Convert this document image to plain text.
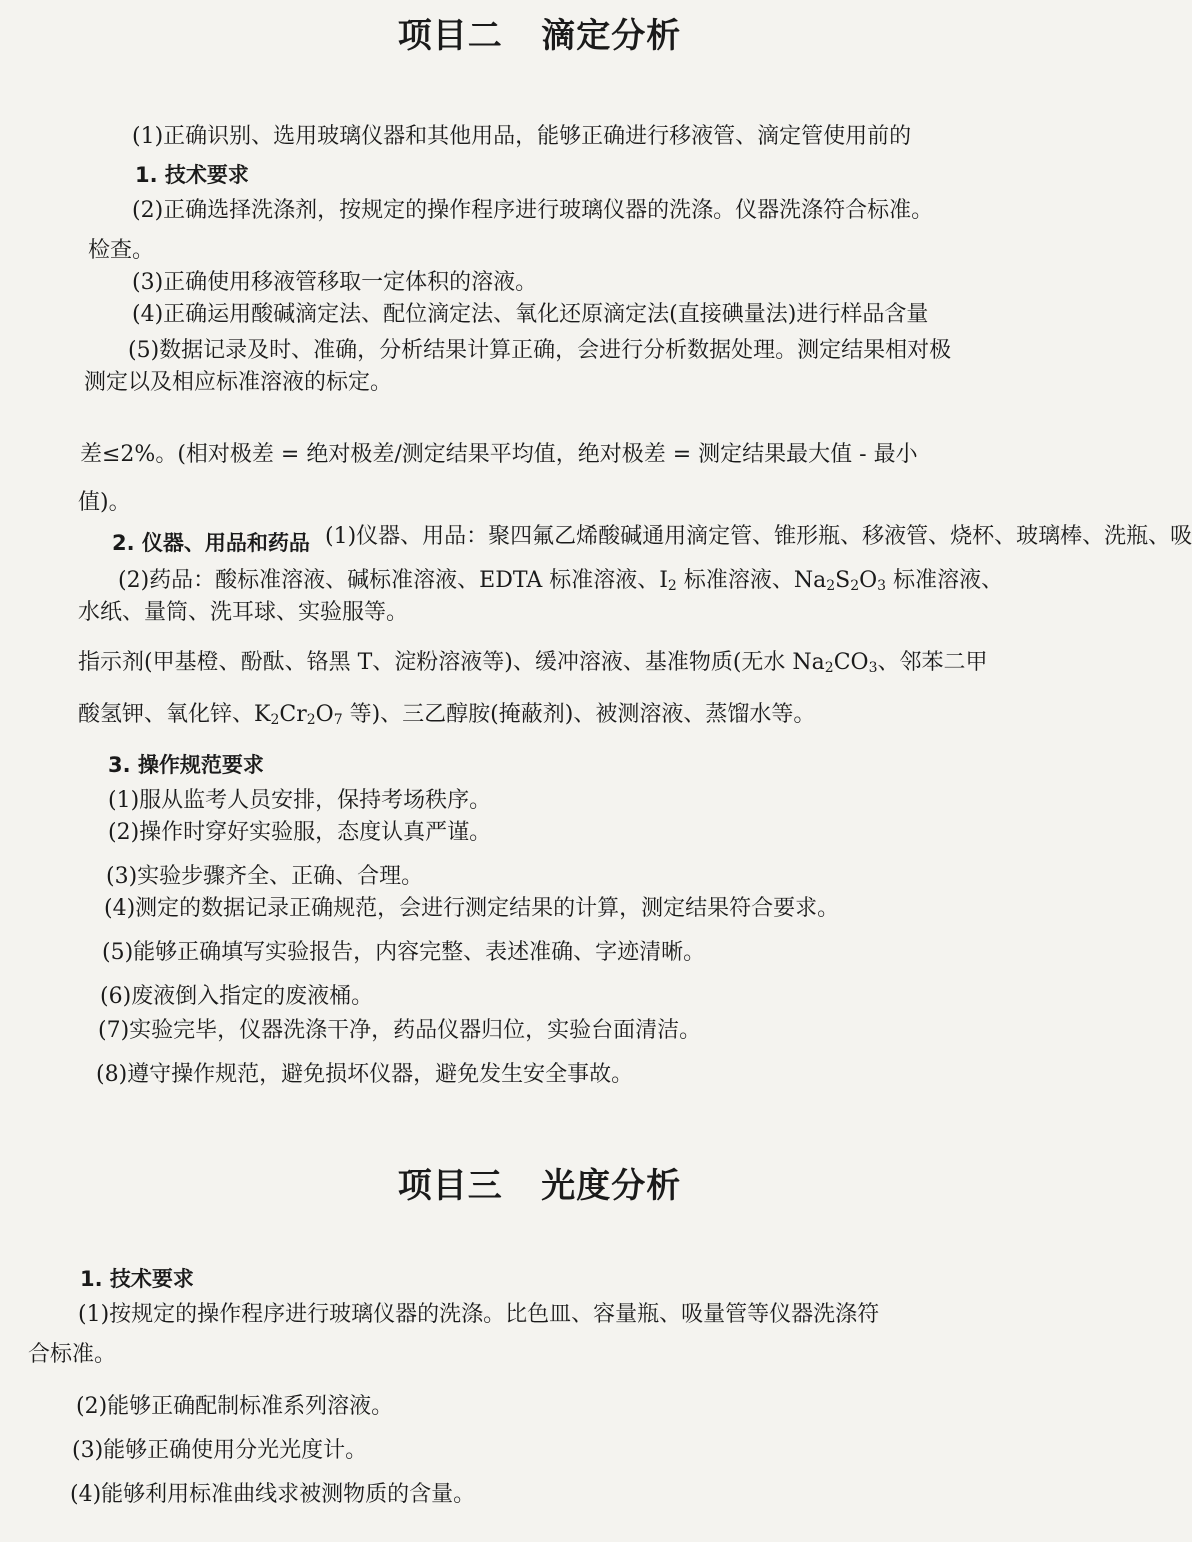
项目二   滴定分析
1. 技术要求
(1)正确识别、选用玻璃仪器和其他用品，能够正确进行移液管、滴定管使用前的
检查。
(2)正确选择洗涤剂，按规定的操作程序进行玻璃仪器的洗涤。仪器洗涤符合标准。
(3)正确使用移液管移取一定体积的溶液。
(4)正确运用酸碱滴定法、配位滴定法、氧化还原滴定法(直接碘量法)进行样品含量
测定以及相应标准溶液的标定。
(5)数据记录及时、准确，分析结果计算正确，会进行分析数据处理。测定结果相对极
差≤2%。(相对极差 = 绝对极差/测定结果平均值，绝对极差 = 测定结果最大值 - 最小
值)。
2. 仪器、用品和药品 (1)仪器、用品：聚四氟乙烯酸碱通用滴定管、锥形瓶、移液管、烧杯、玻璃棒、洗瓶、吸
水纸、量筒、洗耳球、实验服等。
(2)药品：酸标准溶液、碱标准溶液、EDTA 标准溶液、I2 标准溶液、Na2S2O3 标准溶液、
指示剂(甲基橙、酚酞、铬黑 T、淀粉溶液等)、缓冲溶液、基准物质(无水 Na2CO3、邻苯二甲
酸氢钾、氧化锌、K2Cr2O7 等)、三乙醇胺(掩蔽剂)、被测溶液、蒸馏水等。
3. 操作规范要求
(1)服从监考人员安排，保持考场秩序。
(2)操作时穿好实验服，态度认真严谨。
(3)实验步骤齐全、正确、合理。
(4)测定的数据记录正确规范，会进行测定结果的计算，测定结果符合要求。
(5)能够正确填写实验报告，内容完整、表述准确、字迹清晰。
(6)废液倒入指定的废液桶。
(7)实验完毕，仪器洗涤干净，药品仪器归位，实验台面清洁。
(8)遵守操作规范，避免损坏仪器，避免发生安全事故。
项目三   光度分析
1. 技术要求
(1)按规定的操作程序进行玻璃仪器的洗涤。比色皿、容量瓶、吸量管等仪器洗涤符
合标准。
(2)能够正确配制标准系列溶液。
(3)能够正确使用分光光度计。
(4)能够利用标准曲线求被测物质的含量。
